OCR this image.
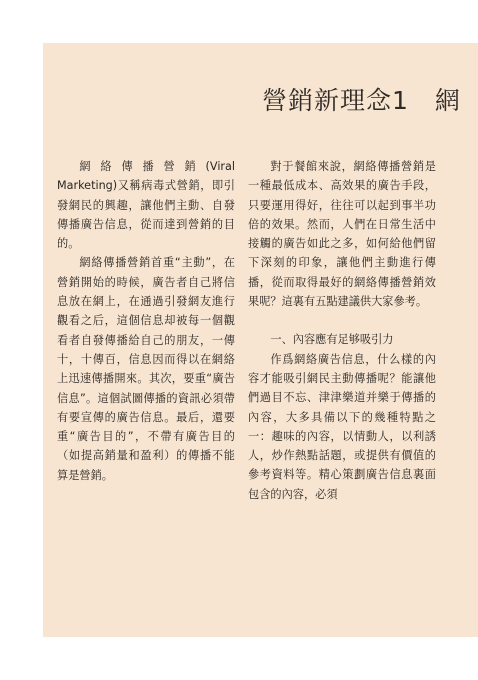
營銷新理念1　網

網絡傳播營銷(Viral Marketing)又稱病毒式營銷，即引發網民的興趣，讓他們主動、自發傳播廣告信息，從而達到營銷的目的。

網絡傳播營銷首重“主動”，在營銷開始的時候，廣告者自己將信息放在網上，在通過引發網友進行觀看之后，這個信息却被每一個觀看者自發傳播給自己的朋友，一傳十，十傳百，信息因而得以在網絡上迅速傳播開來。其次，要重“廣告信息”。這個試圖傳播的資訊必須帶有要宣傳的廣告信息。最后，還要重“廣告目的”，不帶有廣告目的（如提高銷量和盈利）的傳播不能算是營銷。

對于餐館來說，網絡傳播營銷是一種最低成本、高效果的廣告手段，只要運用得好，往往可以起到事半功倍的效果。然而，人們在日常生活中接觸的廣告如此之多，如何給他們留下深刻的印象，讓他們主動進行傳播，從而取得最好的網絡傳播營銷效果呢？這裏有五點建議供大家參考。

一、內容應有足够吸引力

作爲網絡廣告信息，什么樣的內容才能吸引網民主動傳播呢？能讓他們過目不忘、津津樂道并樂于傳播的內容，大多具備以下的幾種特點之一：趣味的內容，以情動人，以利誘人，炒作熱點話題，或提供有價值的參考資料等。精心策劃廣告信息裏面包含的內容，必須
